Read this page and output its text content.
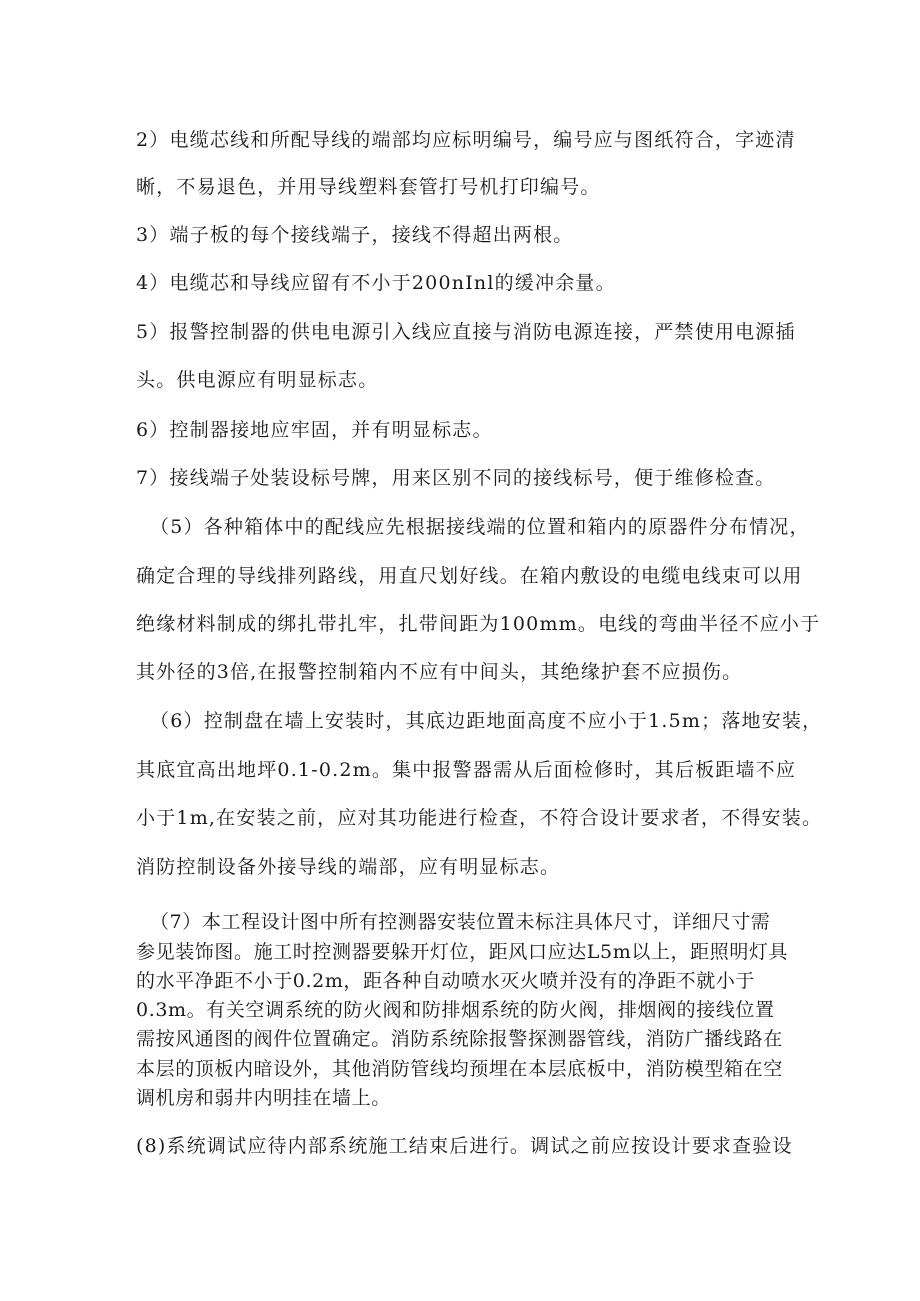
2）电缆芯线和所配导线的端部均应标明编号，编号应与图纸符合，字迹清
晰，不易退色，并用导线塑料套管打号机打印编号。
3）端子板的每个接线端子，接线不得超出两根。
4）电缆芯和导线应留有不小于200nInl的缓冲余量。
5）报警控制器的供电电源引入线应直接与消防电源连接，严禁使用电源插
头。供电源应有明显标志。
6）控制器接地应牢固，并有明显标志。
7）接线端子处装设标号牌，用来区别不同的接线标号，便于维修检查。
（5）各种箱体中的配线应先根据接线端的位置和箱内的原器件分布情况，
确定合理的导线排列路线，用直尺划好线。在箱内敷设的电缆电线束可以用
绝缘材料制成的绑扎带扎牢，扎带间距为100mm。电线的弯曲半径不应小于
其外径的3倍,在报警控制箱内不应有中间头，其绝缘护套不应损伤。
（6）控制盘在墙上安装时，其底边距地面高度不应小于1.5m；落地安装，
其底宜高出地坪0.1-0.2m。集中报警器需从后面检修时，其后板距墙不应
小于1m,在安装之前，应对其功能进行检查，不符合设计要求者，不得安装。
消防控制设备外接导线的端部，应有明显标志。
（7）本工程设计图中所有控测器安装位置未标注具体尺寸，详细尺寸需
参见装饰图。施工时控测器要躲开灯位，距风口应达L5m以上，距照明灯具
的水平净距不小于0.2m，距各种自动喷水灭火喷并没有的净距不就小于
0.3m。有关空调系统的防火阀和防排烟系统的防火阀，排烟阀的接线位置
需按风通图的阀件位置确定。消防系统除报警探测器管线，消防广播线路在
本层的顶板内暗设外，其他消防管线均预埋在本层底板中，消防模型箱在空
调机房和弱井内明挂在墙上。
(8)系统调试应待内部系统施工结束后进行。调试之前应按设计要求查验设
